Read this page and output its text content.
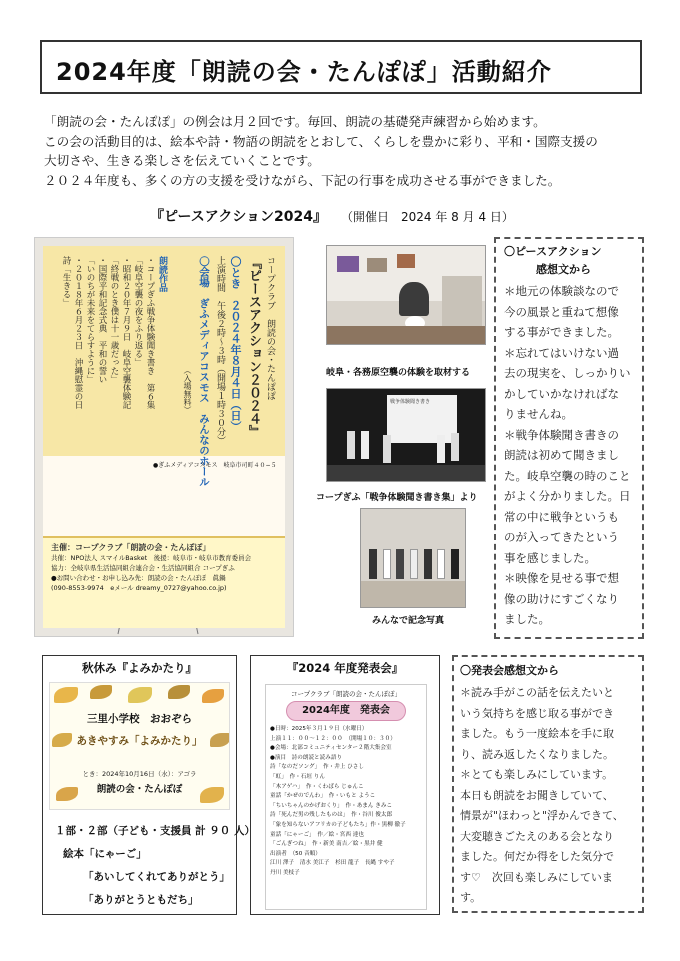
2024年度「朗読の会・たんぽぽ」活動紹介

「朗読の会・たんぽぽ」の例会は月２回です。毎回、朗読の基礎発声練習から始めます。

この会の活動目的は、絵本や詩・物語の朗読をとおして、くらしを豊かに彩り、平和・国際支援の

大切さや、生きる楽しさを伝えていくことです。

２０２４年度も、多くの方の支援を受けながら、下記の行事を成功させる事ができました。

『ピースアクション2024』 （開催日　2024 年 8 月 4 日）
コープクラブ　朗読の会・たんぽぽ
『ピースアクション２０２４』
〇とき　２０２４年８月４日（日）
上演時間　午後２時〜３時（開場１時３０分）
〇会場　ぎふメディアコスモス　みんなのホール
（入場無料）
朗読作品
・コープぎふ戦争体験聞き書き　第６集
「岐阜空襲の夜をふり返る」
・昭和２０年７月９日　岐阜空襲体験記
「終戦のとき僕は十一歳だった」
・国際平和記念式典　平和の誓い
「いのちが未来をてらすように」
・２０１８年６月２３日　沖縄慰霊の日
詩「生きる」
●ぎふメディアコスモス　岐阜市司町４０−５
主催：コープクラブ「朗読の会・たんぽぽ」
共催：NPO法人 スマイルBasket　後援：岐阜市・岐阜市教育委員会
協力：全岐阜県生活協同組合連合会・生活協同組合 コープぎふ
●お問い合わせ・お申し込み先：朗読の会・たんぽぽ　眞鍋
(090-8553-9974　eメール dreamy_0727@yahoo.co.jp)
岐阜・各務原空襲の体験を取材する
戦争体験聞き書き
コープぎふ「戦争体験聞き書き集」より
みんなで記念写真
〇ピースアクション
感想文から
＊地元の体験談なので
今の風景と重ねて想像
する事ができました。
＊忘れてはいけない過
去の現実を、しっかりい
かしていかなければな
りませんね。
＊戦争体験聞き書きの
朗読は初めて聞きまし
た。岐阜空襲の時のこと
がよく分かりました。日
常の中に戦争というも
のが入ってきたという
事を感じました。
＊映像を見せる事で想
像の助けにすごくなり
ました。
秋休み『よみかたり』
三里小学校　おおぞら
あきやすみ「よみかたり」
とき：2024年10月16日（水）：アゴラ
朗読の会・たんぽぽ
１部・２部（子ども・支援員 計 ９０ 人）
絵本「にゃーご」
「あいしてくれてありがとう」
「ありがとうともだち」
『2024 年度発表会』
コープクラブ「朗読の会・たんぽぽ」
2024年度　発表会
●日時：2025年３月１９日（水曜日）
上演１１：００〜１２：００　（開場１０：３０）
●会場：北部コミュニティセンター２階大集会室
●演目　詩の朗読と読み語り
詩「なのだソング」　作・井上 ひさし
「虹」　作・石垣 りん
「木アゲハ」　作・くわばら じゅんこ
童話「かぜのでんわ」　作・いもと ようこ
「ちいちゃんのかげおくり」　作・あまん きみこ
詩「死んだ男の残したものは」　作・谷川 俊太郎
「象を知らないアフリカの子どもたち」作・黒柳 徹子
童話「にゃーご」　作／絵・宮西 達也
「ごんぎつね」　作・新美 南吉／絵・黒井 健
出演者　（50 音順）
江川 澤子　清水 美江子　杉田 龍子　長縄 すや子
丹川 美枝子
〇発表会感想文から
＊読み手がこの話を伝えたいと
いう気持ちを感じ取る事ができ
ました。もう一度絵本を手に取
り、読み返したくなりました。
＊とても楽しみにしています。
本日も朗読をお聞きしていて、
情景が"ほわっと"浮かんできて、
大変聴きごたえのある会となり
ました。何だか得をした気分で
す♡　次回も楽しみにしていま
す。
